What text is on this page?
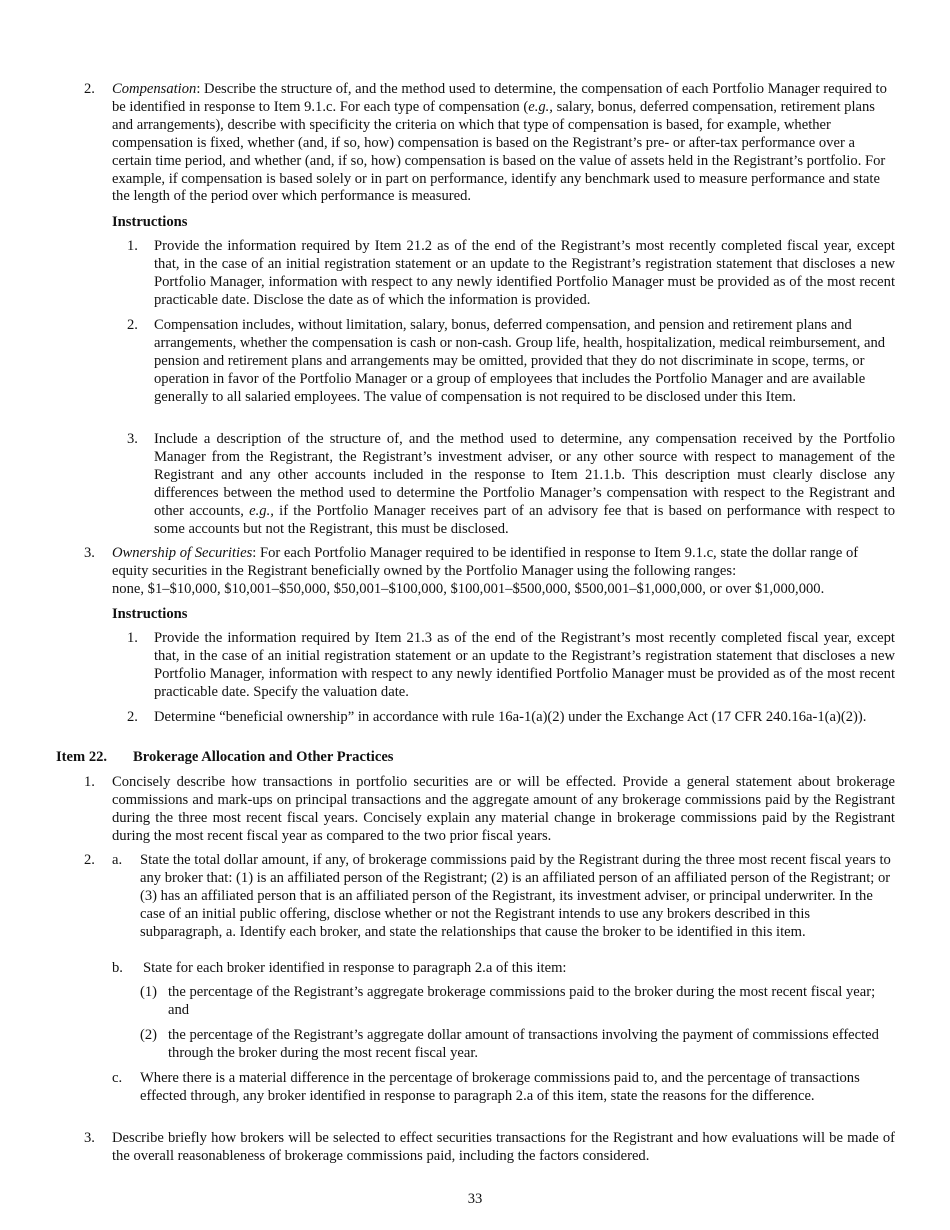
2. Compensation: Describe the structure of, and the method used to determine, the compensation of each Portfolio Manager required to be identified in response to Item 9.1.c. For each type of compensation (e.g., salary, bonus, deferred compensation, retirement plans and arrangements), describe with specificity the criteria on which that type of compensation is based, for example, whether compensation is fixed, whether (and, if so, how) compensation is based on the Registrant’s pre- or after-tax performance over a certain time period, and whether (and, if so, how) compensation is based on the value of assets held in the Registrant’s portfolio. For example, if compensation is based solely or in part on performance, identify any benchmark used to measure performance and state the length of the period over which performance is measured.
Instructions
1. Provide the information required by Item 21.2 as of the end of the Registrant’s most recently completed fiscal year, except that, in the case of an initial registration statement or an update to the Registrant’s registration statement that discloses a new Portfolio Manager, information with respect to any newly identified Portfolio Manager must be provided as of the most recent practicable date. Disclose the date as of which the information is provided.
2. Compensation includes, without limitation, salary, bonus, deferred compensation, and pension and retirement plans and arrangements, whether the compensation is cash or non-cash. Group life, health, hospitalization, medical reimbursement, and pension and retirement plans and arrangements may be omitted, provided that they do not discriminate in scope, terms, or operation in favor of the Portfolio Manager or a group of employees that includes the Portfolio Manager and are available generally to all salaried employees. The value of compensation is not required to be disclosed under this Item.
3. Include a description of the structure of, and the method used to determine, any compensation received by the Portfolio Manager from the Registrant, the Registrant’s investment adviser, or any other source with respect to management of the Registrant and any other accounts included in the response to Item 21.1.b. This description must clearly disclose any differences between the method used to determine the Portfolio Manager’s compensation with respect to the Registrant and other accounts, e.g., if the Portfolio Manager receives part of an advisory fee that is based on performance with respect to some accounts but not the Registrant, this must be disclosed.
3. Ownership of Securities: For each Portfolio Manager required to be identified in response to Item 9.1.c, state the dollar range of equity securities in the Registrant beneficially owned by the Portfolio Manager using the following ranges:
none, $1–$10,000, $10,001–$50,000, $50,001–$100,000, $100,001–$500,000, $500,001–$1,000,000, or over $1,000,000.
Instructions
1. Provide the information required by Item 21.3 as of the end of the Registrant’s most recently completed fiscal year, except that, in the case of an initial registration statement or an update to the Registrant’s registration statement that discloses a new Portfolio Manager, information with respect to any newly identified Portfolio Manager must be provided as of the most recent practicable date. Specify the valuation date.
2. Determine “beneficial ownership” in accordance with rule 16a-1(a)(2) under the Exchange Act (17 CFR 240.16a-1(a)(2)).
Item 22. Brokerage Allocation and Other Practices
1. Concisely describe how transactions in portfolio securities are or will be effected. Provide a general statement about brokerage commissions and mark-ups on principal transactions and the aggregate amount of any brokerage commissions paid by the Registrant during the three most recent fiscal years. Concisely explain any material change in brokerage commissions paid by the Registrant during the most recent fiscal year as compared to the two prior fiscal years.
2. a. State the total dollar amount, if any, of brokerage commissions paid by the Registrant during the three most recent fiscal years to any broker that: (1) is an affiliated person of the Registrant; (2) is an affiliated person of an affiliated person of the Registrant; or (3) has an affiliated person that is an affiliated person of the Registrant, its investment adviser, or principal underwriter. In the case of an initial public offering, disclose whether or not the Registrant intends to use any brokers described in this subparagraph, a. Identify each broker, and state the relationships that cause the broker to be identified in this item.
b. State for each broker identified in response to paragraph 2.a of this item:
(1) the percentage of the Registrant’s aggregate brokerage commissions paid to the broker during the most recent fiscal year; and
(2) the percentage of the Registrant’s aggregate dollar amount of transactions involving the payment of commissions effected through the broker during the most recent fiscal year.
c. Where there is a material difference in the percentage of brokerage commissions paid to, and the percentage of transactions effected through, any broker identified in response to paragraph 2.a of this item, state the reasons for the difference.
3. Describe briefly how brokers will be selected to effect securities transactions for the Registrant and how evaluations will be made of the overall reasonableness of brokerage commissions paid, including the factors considered.
33
